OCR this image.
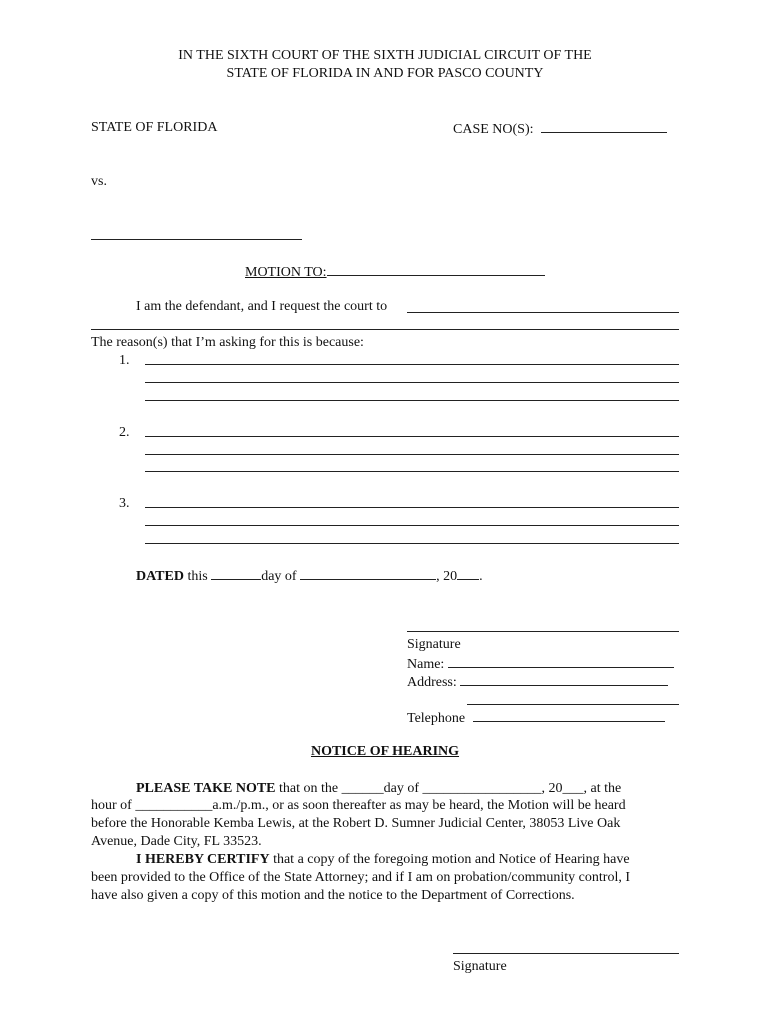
IN THE SIXTH COURT OF THE SIXTH JUDICIAL CIRCUIT OF THE
STATE OF FLORIDA IN AND FOR PASCO COUNTY
STATE OF FLORIDA	CASE NO(S):
vs.
MOTION TO:
I am the defendant, and I request the court to
The reason(s) that I’m asking for this is because:
1.
2.
3.
DATED this	day of	, 20 .
Signature
Name:
Address:
Telephone
NOTICE OF HEARING
PLEASE TAKE NOTE that on the ______day of _________________, 20___, at the
hour of ___________a.m./p.m., or as soon thereafter as may be heard, the Motion will be heard
before the Honorable Kemba Lewis, at the Robert D. Sumner Judicial Center, 38053 Live Oak
Avenue, Dade City, FL 33523.
I HEREBY CERTIFY that a copy of the foregoing motion and Notice of Hearing have
been provided to the Office of the State Attorney; and if I am on probation/community control, I
have also given a copy of this motion and the notice to the Department of Corrections.
Signature
